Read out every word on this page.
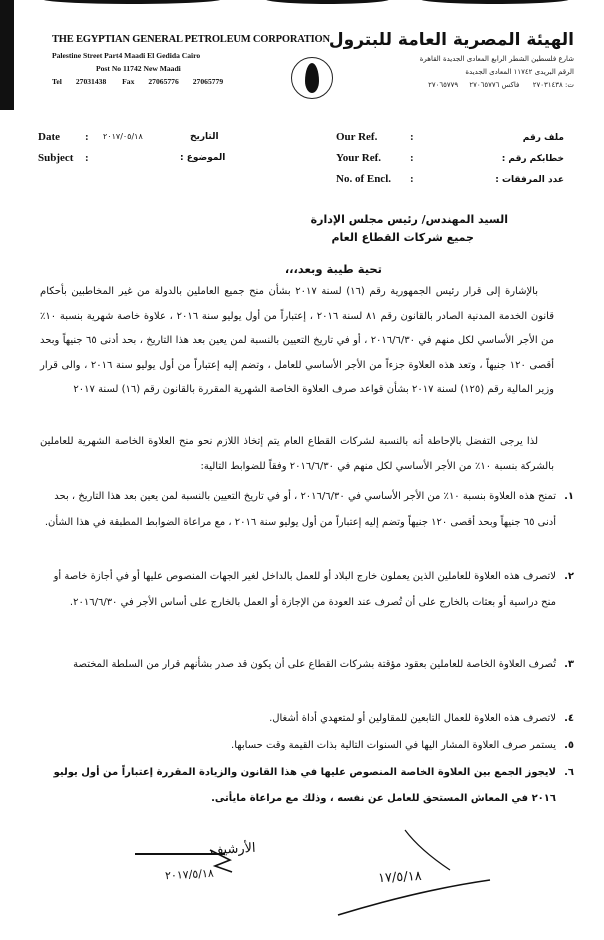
THE EGYPTIAN GENERAL PETROLEUM CORPORATION
Palestine Street Part4 Maadi El Gedida Cairo
Post No 11742 New Maadi
Tel 27031438 Fax 27065776 27065779
الهيئة المصرية العامة للبترول
شارع فلسطين الشطر الرابع المعادى الجديدة القاهرة
الرقم البريدى ١١٧٤٢ المعادى الجديدة
ت: ٢٧٠٣١٤٣٨      فاكس ٢٧٠٦٥٧٧٦     ٢٧٠٦٥٧٧٩
Date : ٢٠١٧/٠٥/١٨	التاريخ
Subject :	الموضوع :
Our Ref.	:	ملف رقم
Your Ref.	:	خطابكم رقم :
No. of Encl. :	عدد المرفقات :
السيد المهندس/ رئيس مجلس الإدارة
جميع شركات القطاع العام
تحية طيبة وبعد،،،
بالإشارة إلى قرار رئيس الجمهورية رقم (١٦) لسنة ٢٠١٧ بشأن منح جميع العاملين بالدولة من غير المخاطبين بأحكام قانون الخدمة المدنية الصادر بالقانون رقم ٨١ لسنة ٢٠١٦ ، إعتباراً من أول يوليو سنة ٢٠١٦ ، علاوة خاصة شهرية بنسبة ١٠٪ من الأجر الأساسي لكل منهم في ٢٠١٦/٦/٣٠ ، أو في تاريخ التعيين بالنسبة لمن يعين بعد هذا التاريخ ، بحد أدنى ٦٥ جنيهاً وبحد أقصى ١٢٠ جنيهاً ، وتعد هذه العلاوة جزءاً من الأجر الأساسي للعامل ، وتضم إليه إعتباراً من أول يوليو سنة ٢٠١٦ ، والى قرار وزير المالية رقم (١٢٥) لسنة ٢٠١٧ بشأن قواعد صرف العلاوة الخاصة الشهرية المقررة بالقانون رقم (١٦) لسنة ٢٠١٧
لذا يرجى التفضل بالإحاطة أنه بالنسبة لشركات القطاع العام يتم إتخاذ اللازم نحو منح العلاوة الخاصة الشهرية للعاملين بالشركة بنسبة ١٠٪ من الأجر الأساسي لكل منهم في ٢٠١٦/٦/٣٠ وفقاً للضوابط التالية:
١.
تمنح هذه العلاوة بنسبة ١٠٪ من الأجر الأساسي في ٢٠١٦/٦/٣٠ ، أو في تاريخ التعيين بالنسبة لمن يعين بعد هذا التاريخ ، بحد أدنى ٦٥ جنيهاً وبحد أقصى ١٢٠ جنيهاً وتضم إليه إعتباراً من أول يوليو سنة ٢٠١٦ ، مع مراعاة الضوابط المطبقة في هذا الشأن.
٢.
لاتصرف هذه العلاوة للعاملين الذين يعملون خارج البلاد أو للعمل بالداخل لغير الجهات المنصوص عليها أو في أجازة خاصة أو منح دراسية أو بعثات بالخارج على أن تُصرف عند العودة من الإجازة أو العمل بالخارج على أساس الأجر في ٢٠١٦/٦/٣٠.
٣.
تُصرف العلاوة الخاصة للعاملين بعقود مؤقتة بشركات القطاع على أن يكون قد صدر بشأنهم قرار من السلطة المختصة
٤.
لاتصرف هذه العلاوة للعمال التابعين للمقاولين أو لمتعهدي أداة أشغال.
٥.
يستمر صرف العلاوة المشار اليها في السنوات التالية بذات القيمة وقت حسابها.
٦.
لايجوز الجمع بين العلاوة الخاصة المنصوص عليها في هذا القانون والزيادة المقررة إعتباراً من أول يوليو ٢٠١٦ في المعاش المستحق للعامل عن نفسه ، وذلك مع مراعاة مايأتى.
الأرشيف
٢٠١٧/٥/١٨	١٧/٥/١٨
